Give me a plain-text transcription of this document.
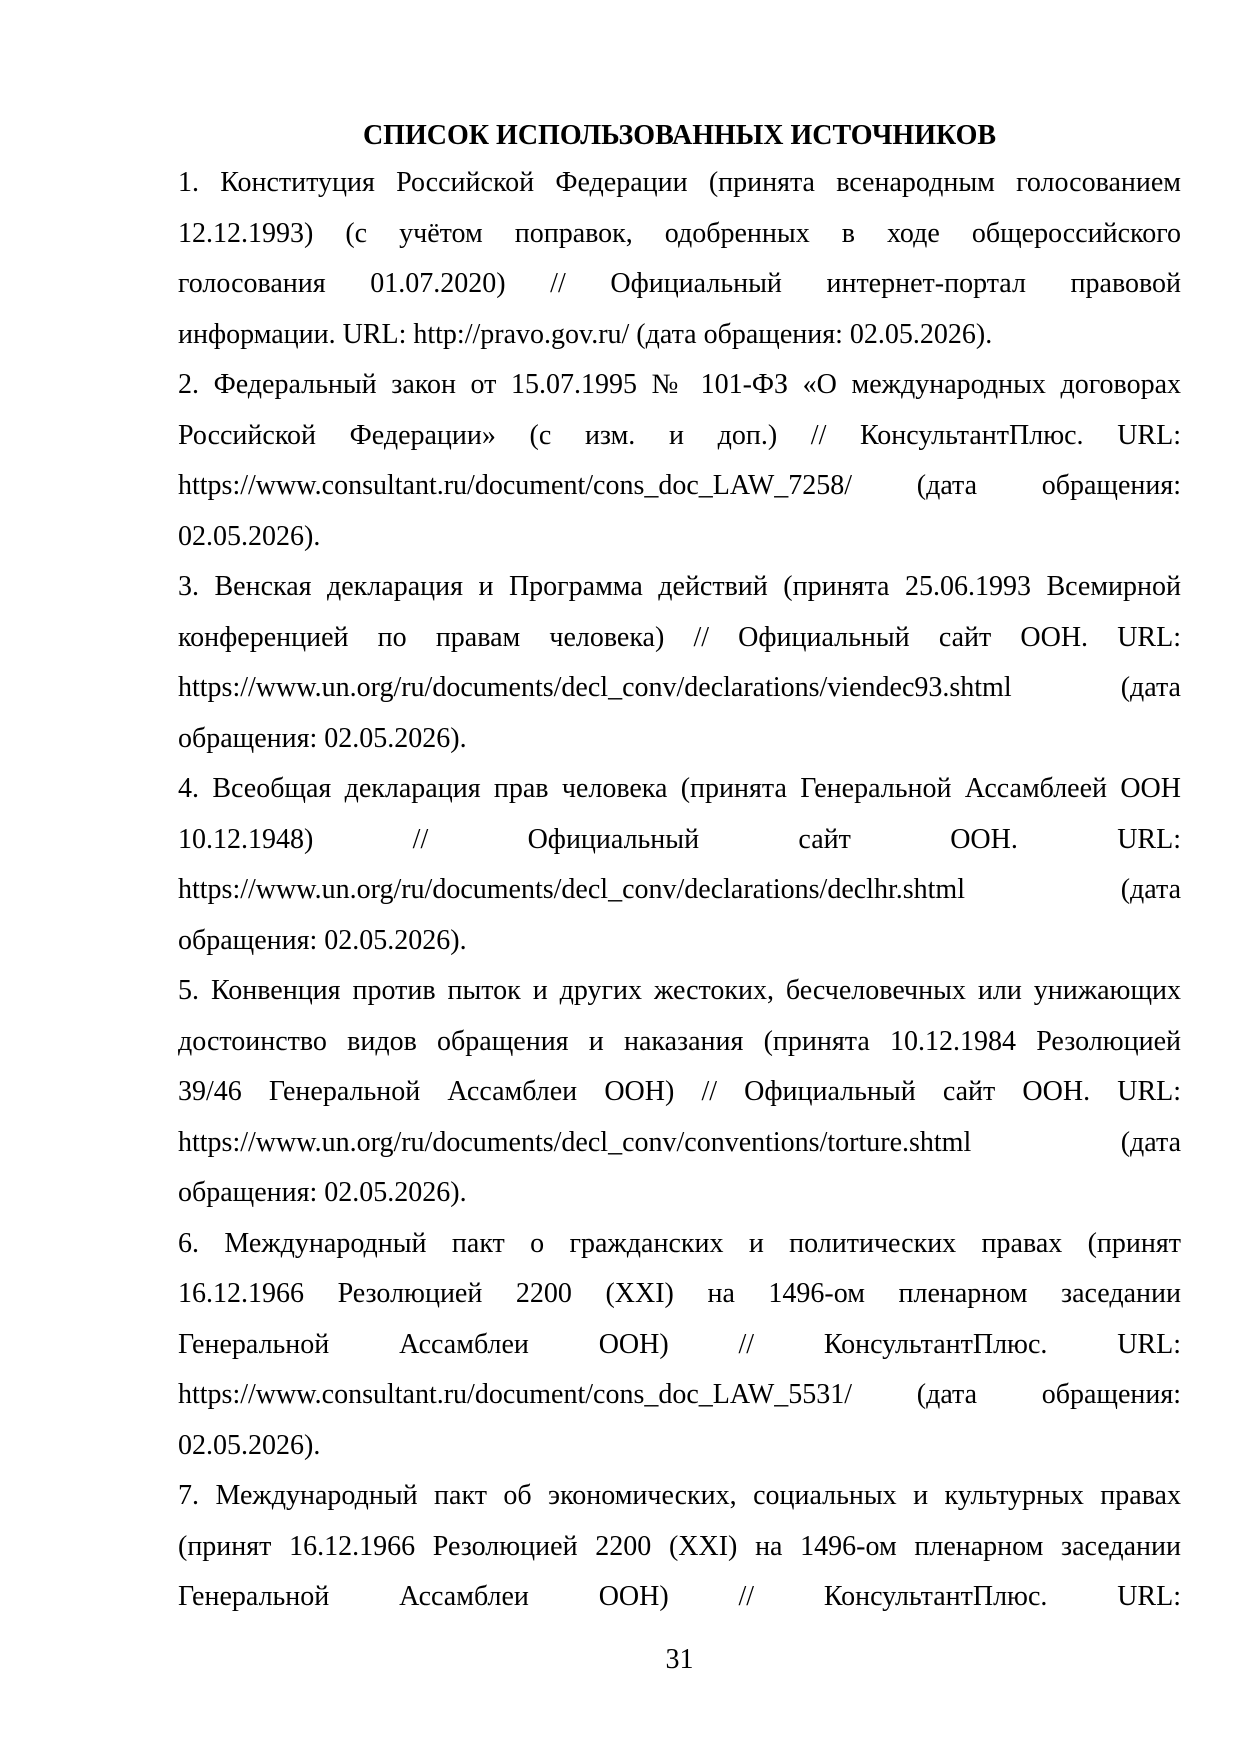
СПИСОК ИСПОЛЬЗОВАННЫХ ИСТОЧНИКОВ

1. Конституция Российской Федерации (принята всенародным голосованием
12.12.1993) (с учётом поправок, одобренных в ходе общероссийского
голосования 01.07.2020) // Официальный интернет-портал правовой
информации. URL: http://pravo.gov.ru/ (дата обращения: 02.05.2026).

2. Федеральный закон от 15.07.1995 № 101-ФЗ «О международных договорах
Российской Федерации» (с изм. и доп.) // КонсультантПлюс. URL:
https://www.consultant.ru/document/cons_doc_LAW_7258/ (дата обращения:
02.05.2026).

3. Венская декларация и Программа действий (принята 25.06.1993 Всемирной
конференцией по правам человека) // Официальный сайт ООН. URL:
https://www.un.org/ru/documents/decl_conv/declarations/viendec93.shtml (дата
обращения: 02.05.2026).

4. Всеобщая декларация прав человека (принята Генеральной Ассамблеей ООН
10.12.1948) // Официальный сайт ООН. URL:
https://www.un.org/ru/documents/decl_conv/declarations/declhr.shtml (дата
обращения: 02.05.2026).

5. Конвенция против пыток и других жестоких, бесчеловечных или унижающих
достоинство видов обращения и наказания (принята 10.12.1984 Резолюцией
39/46 Генеральной Ассамблеи ООН) // Официальный сайт ООН. URL:
https://www.un.org/ru/documents/decl_conv/conventions/torture.shtml (дата
обращения: 02.05.2026).

6. Международный пакт о гражданских и политических правах (принят
16.12.1966 Резолюцией 2200 (XXI) на 1496-ом пленарном заседании
Генеральной Ассамблеи ООН) // КонсультантПлюс. URL:
https://www.consultant.ru/document/cons_doc_LAW_5531/ (дата обращения:
02.05.2026).

7. Международный пакт об экономических, социальных и культурных правах
(принят 16.12.1966 Резолюцией 2200 (XXI) на 1496-ом пленарном заседании
Генеральной Ассамблеи ООН) // КонсультантПлюс. URL:

31
